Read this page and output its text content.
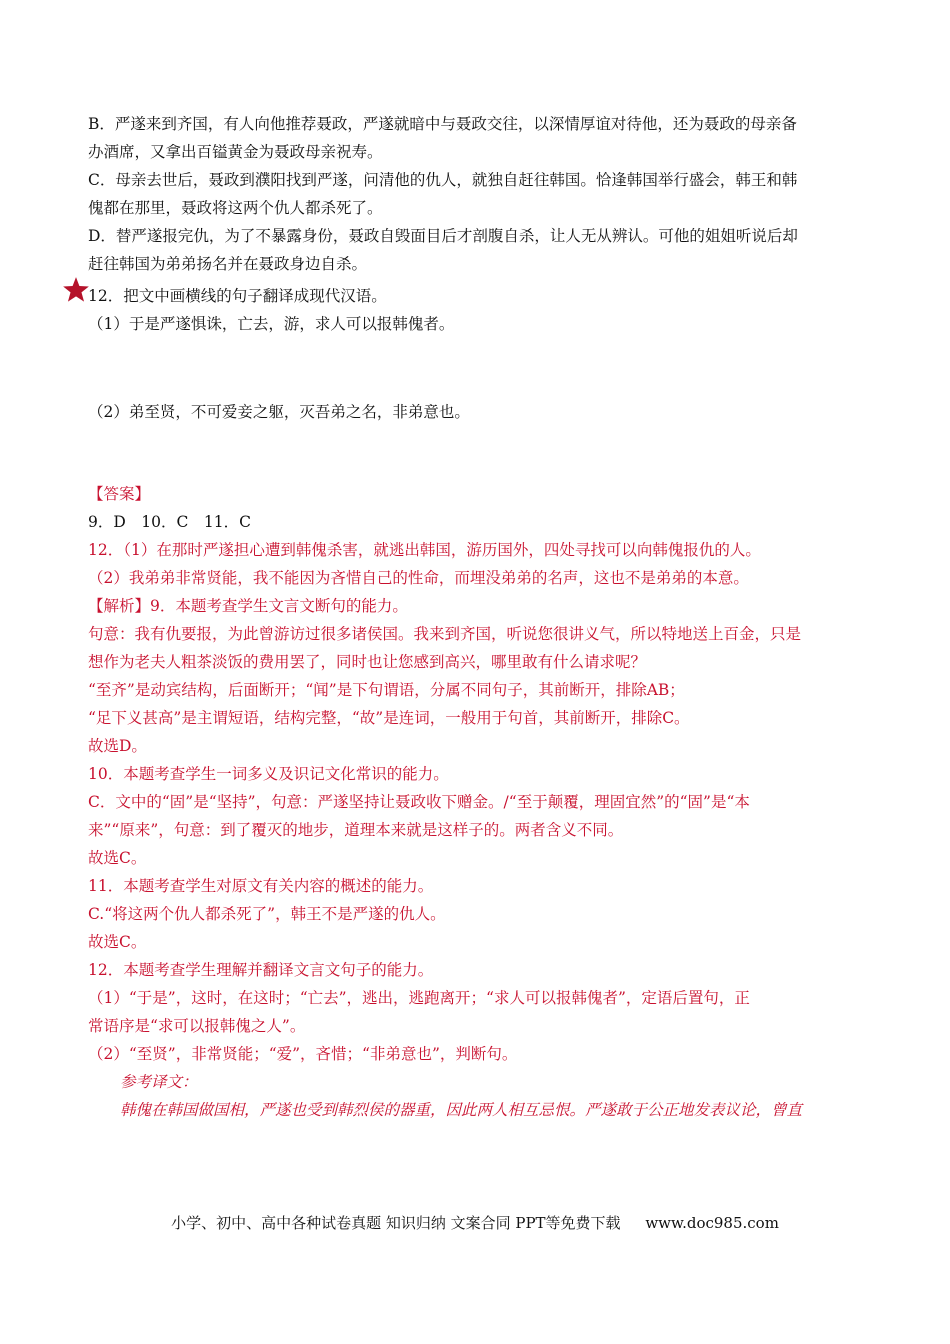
B．严遂来到齐国，有人向他推荐聂政，严遂就暗中与聂政交往，以深情厚谊对待他，还为聂政的母亲备

办酒席，又拿出百镒黄金为聂政母亲祝寿。

C．母亲去世后，聂政到濮阳找到严遂，问清他的仇人，就独自赶往韩国。恰逢韩国举行盛会，韩王和韩

傀都在那里，聂政将这两个仇人都杀死了。

D．替严遂报完仇，为了不暴露身份，聂政自毁面目后才剖腹自杀，让人无从辨认。可他的姐姐听说后却

赶往韩国为弟弟扬名并在聂政身边自杀。

12．把文中画横线的句子翻译成现代汉语。

（1）于是严遂惧诛，亡去，游，求人可以报韩傀者。

（2）弟至贤，不可爱妾之躯，灭吾弟之名，非弟意也。

【答案】

9．D　10．C　11．C

12．（1）在那时严遂担心遭到韩傀杀害，就逃出韩国，游历国外，四处寻找可以向韩傀报仇的人。

（2）我弟弟非常贤能，我不能因为吝惜自己的性命，而埋没弟弟的名声，这也不是弟弟的本意。

【解析】9．本题考查学生文言文断句的能力。

句意：我有仇要报，为此曾游访过很多诸侯国。我来到齐国，听说您很讲义气，所以特地送上百金，只是

想作为老夫人粗茶淡饭的费用罢了，同时也让您感到高兴，哪里敢有什么请求呢？

“至齐”是动宾结构，后面断开；“闻”是下句谓语，分属不同句子，其前断开，排除AB；

“足下义甚高”是主谓短语，结构完整，“故”是连词，一般用于句首，其前断开，排除C。

故选D。

10．本题考查学生一词多义及识记文化常识的能力。

C．文中的“固”是“坚持”，句意：严遂坚持让聂政收下赠金。/“至于颠覆，理固宜然”的“固”是“本

来”“原来”，句意：到了覆灭的地步，道理本来就是这样子的。两者含义不同。

故选C。

11．本题考查学生对原文有关内容的概述的能力。

C.“将这两个仇人都杀死了”，韩王不是严遂的仇人。

故选C。

12．本题考查学生理解并翻译文言文句子的能力。

（1）“于是”，这时，在这时；“亡去”，逃出，逃跑离开；“求人可以报韩傀者”，定语后置句，正

常语序是“求可以报韩傀之人”。

（2）“至贤”，非常贤能；“爱”，吝惜；“非弟意也”，判断句。

参考译文：

韩傀在韩国做国相，严遂也受到韩烈侯的器重，因此两人相互忌恨。严遂敢于公正地发表议论，曾直

小学、初中、高中各种试卷真题 知识归纳 文案合同 PPT等免费下载 www.doc985.com
